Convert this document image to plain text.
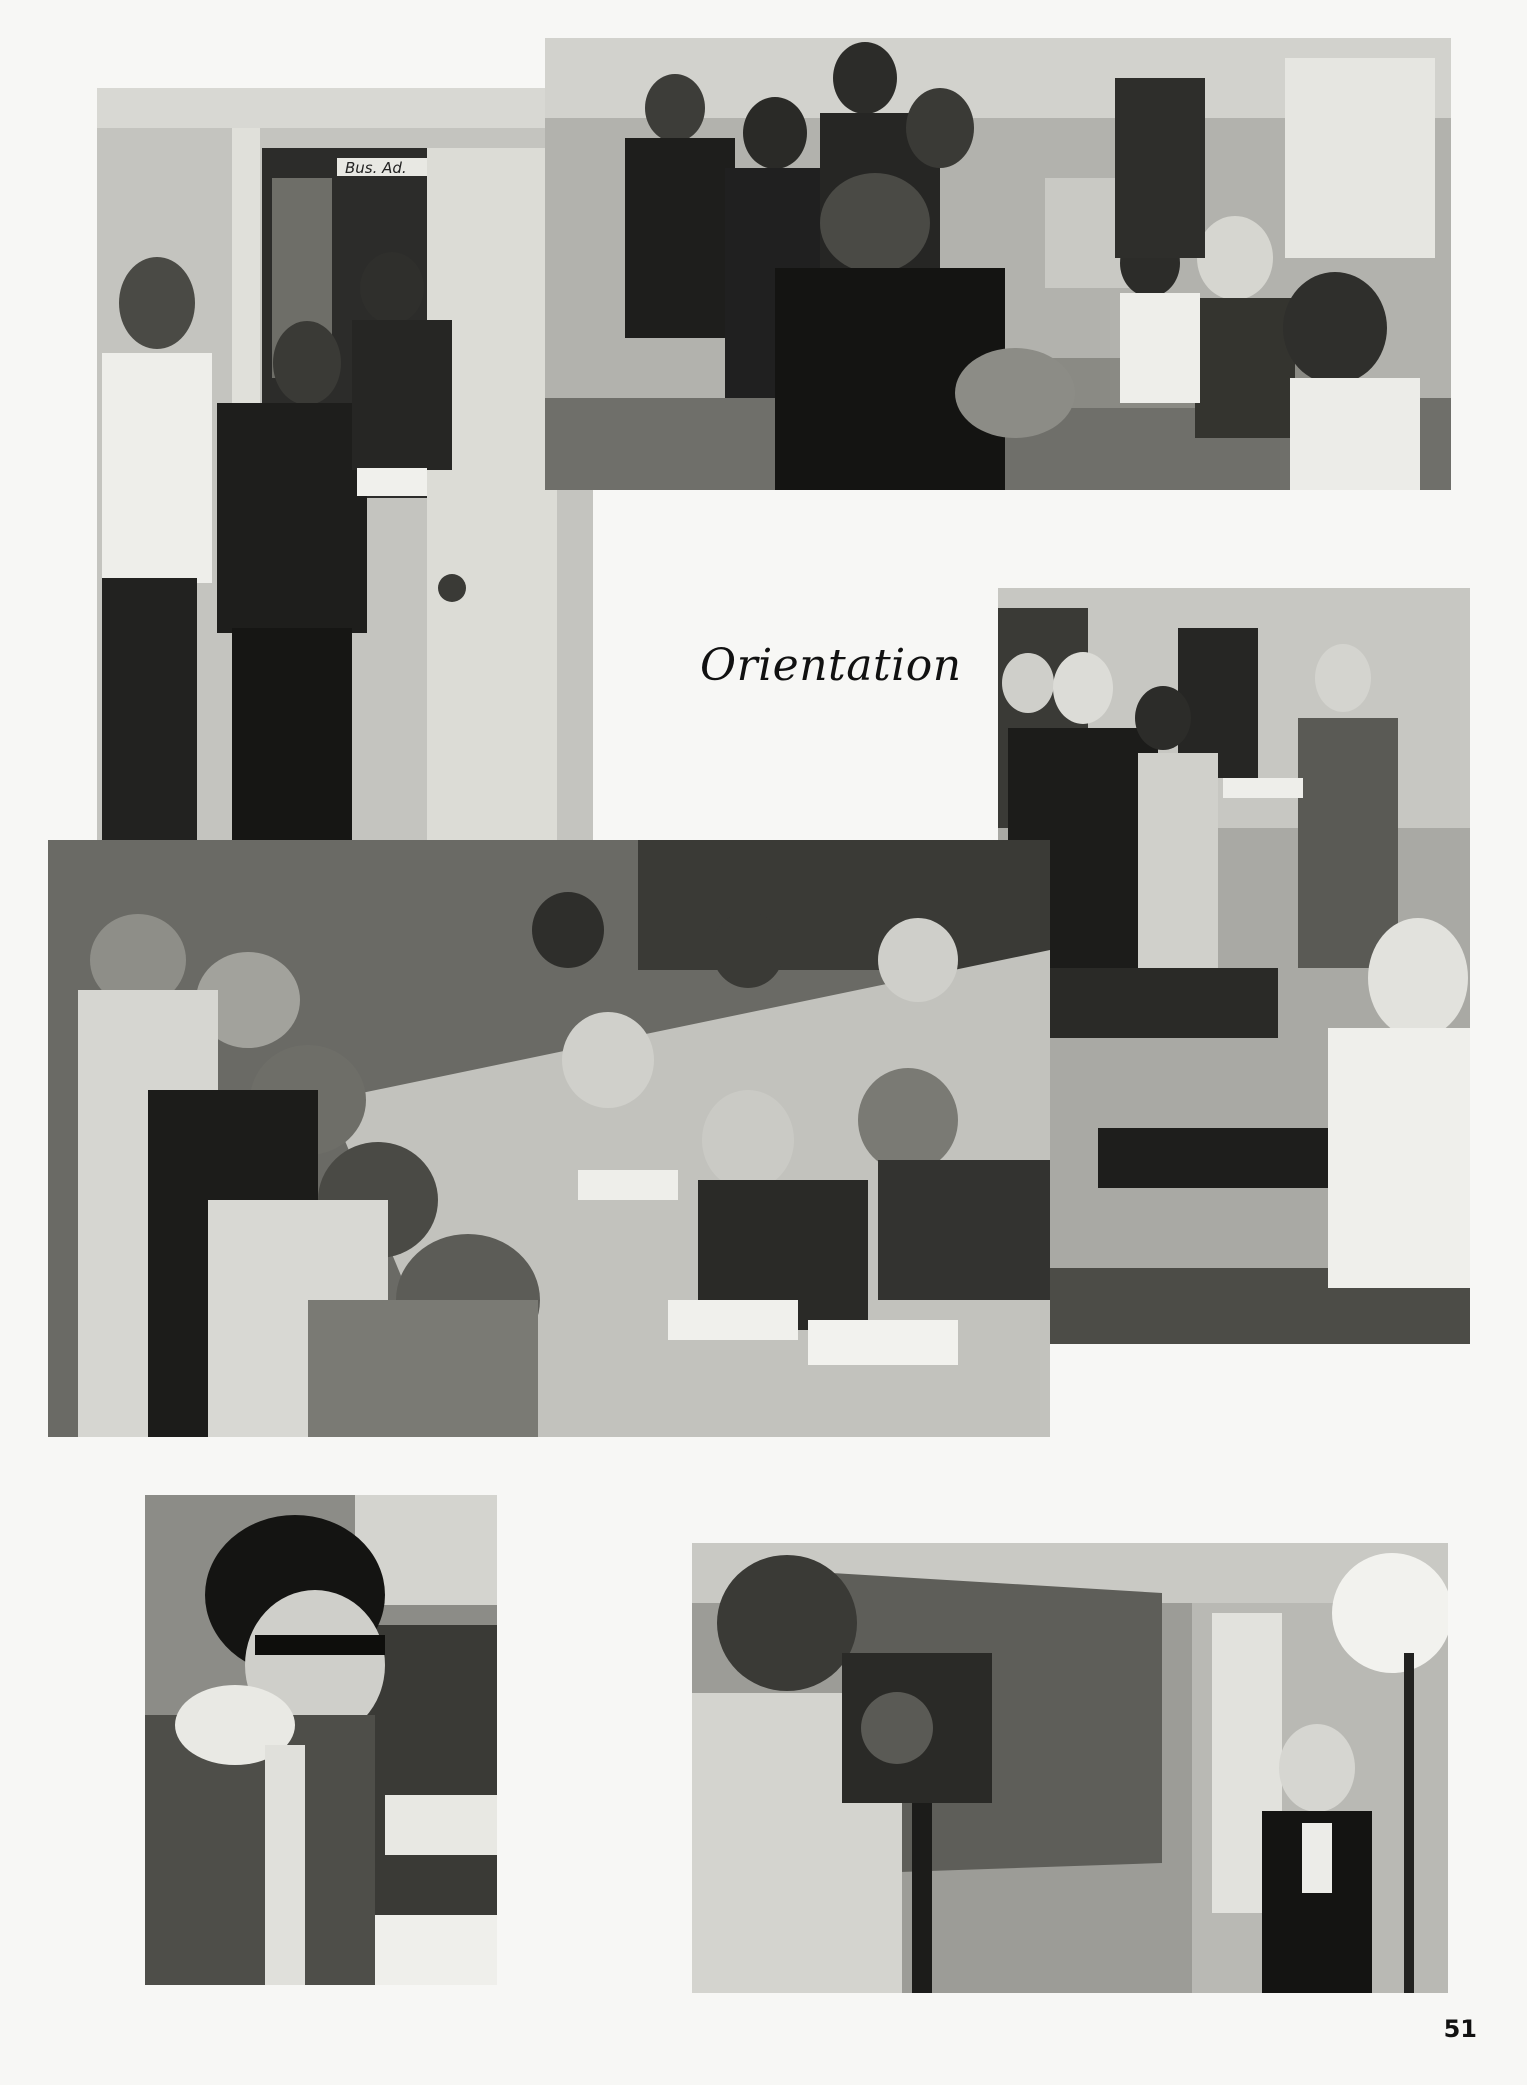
Bus. Ad.
Orientation
51
